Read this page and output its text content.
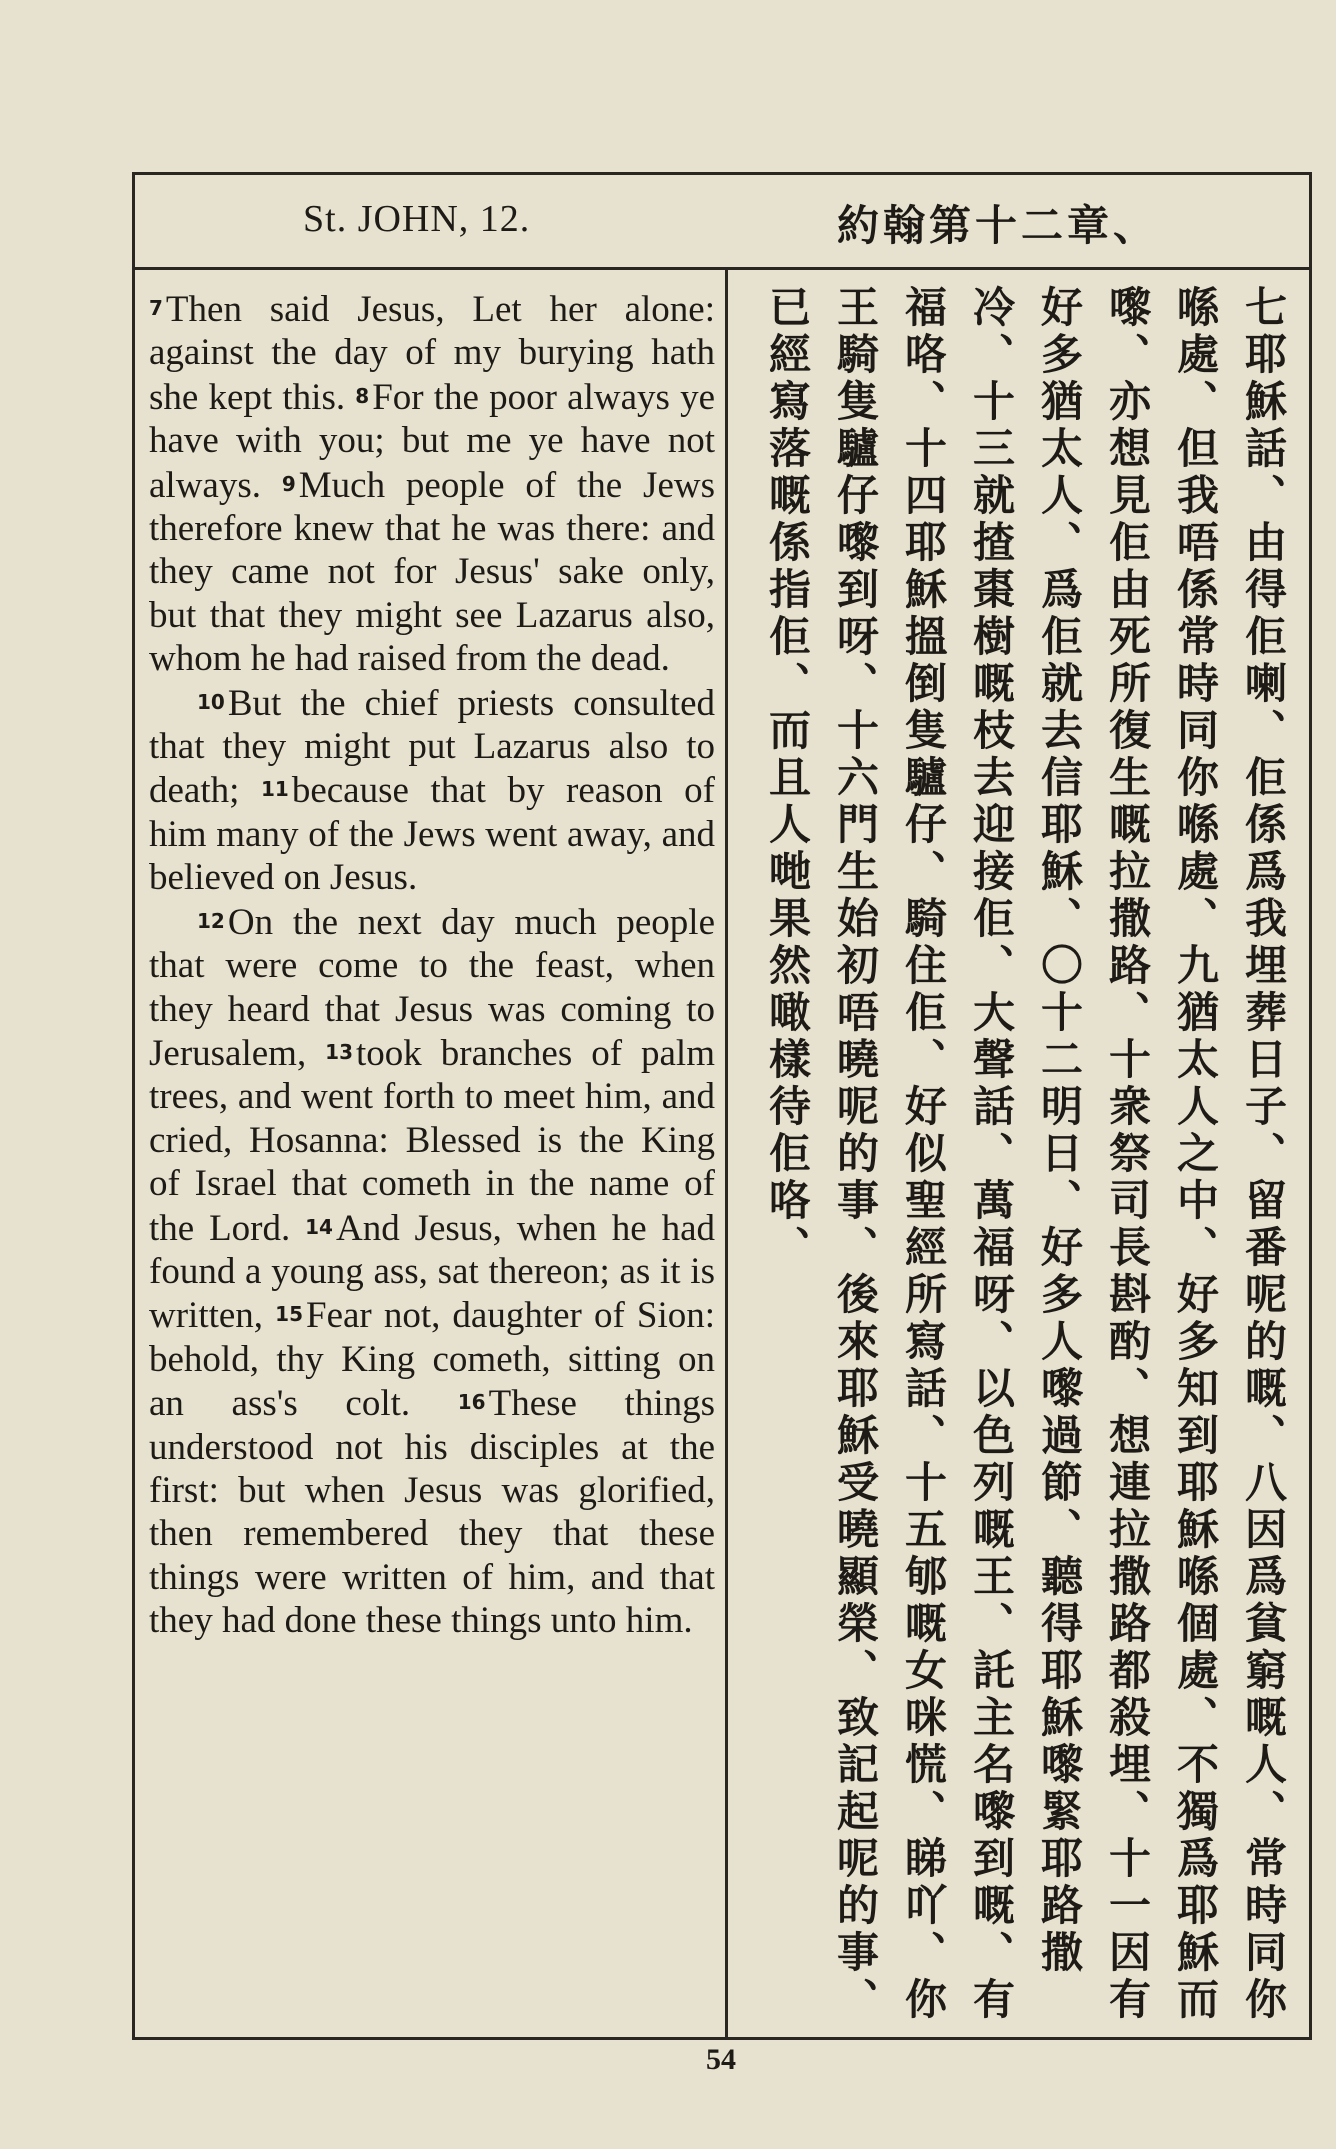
St. JOHN, 12.	約翰第十二章、

7Then said Jesus, Let her alone: against the day of my burying hath she kept this. 8For the poor always ye have with you; but me ye have not always. 9Much people of the Jews therefore knew that he was there: and they came not for Jesus' sake only, but that they might see Lazarus also, whom he had raised from the dead.

10But the chief priests consulted that they might put Lazarus also to death; 11because that by reason of him many of the Jews went away, and believed on Jesus.

12On the next day much people that were come to the feast, when they heard that Jesus was coming to Jerusalem, 13took branches of palm trees, and went forth to meet him, and cried, Hosanna: Blessed is the King of Israel that cometh in the name of the Lord. 14And Jesus, when he had found a young ass, sat thereon; as it is written, 15Fear not, daughter of Sion: behold, thy King cometh, sitting on an ass's colt. 16These things understood not his disciples at the first: but when Jesus was glorified, then remembered they that these things were written of him, and that they had done these things unto him.	七耶穌話、由得佢喇、佢係爲我埋葬日子、留番呢的嘅、八因爲貧窮嘅人、常時同你喺處、但我唔係常時同你喺處、九猶太人之中、好多知到耶穌喺個處、不獨爲耶穌而嚟、亦想見佢由死所復生嘅拉撒路、十衆祭司長斟酌、想連拉撒路都殺埋、十一因有好多猶太人、爲佢就去信耶穌、〇十二明日、好多人嚟過節、聽得耶穌嚟緊耶路撒冷、十三就揸棗樹嘅枝去迎接佢、大聲話、萬福呀、以色列嘅王、託主名嚟到嘅、有福咯、十四耶穌搵倒隻驢仔、騎住佢、好似聖經所寫話、十五郇嘅女咪慌、睇吖、你王騎隻驢仔嚟到呀、十六門生始初唔曉呢的事、後來耶穌受曉顯榮、致記起呢的事、已經寫落嘅係指佢、而且人哋果然噉樣待佢咯、
54
